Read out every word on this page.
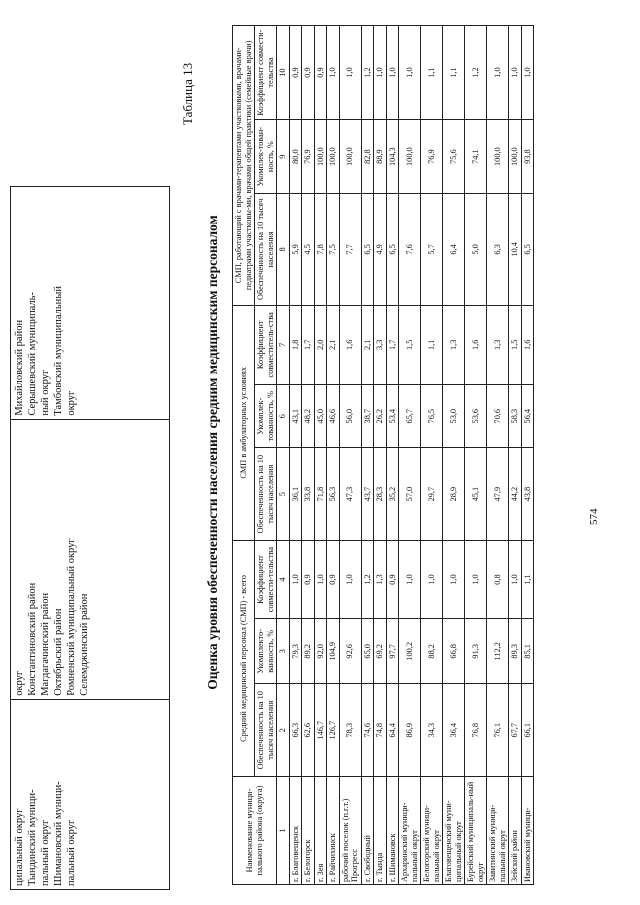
574
ципальный округ Тындинский муници- пальный округ Шимановский муници- пальный округ

округ Константиновский район Магдагачинский район Октябрьский район Ромненский муниципальный округ Селемджинский район

Михайловский район Серышевский муниципаль- ный округ Тамбовский муниципальный округ

Таблица 13
Оценка уровня обеспеченности населения средним медицинским персоналом
Наименование муници-пального района (округа)	Средний медицинский персонал (СМП) - всего			СМП в амбулаторных условиях			СМП, работающий с врачами-терапевтами участковыми, врачами-педиатрами участковы-ми, врачами общей практики (семейные врачи)		
	Обеспеченность на 10 тысяч населения	Укомплекто-ванность, %	Коэффициент совмести-тельства	Обеспеченность на 10 тысяч населения	Укомплек-тованность, %	Коэффициент совместитель-ства	Обеспеченность на 10 тысяч населения	Укомплек-тован-ность, %	Коэффициент совмести-тельства
1	2	3	4	5	6	7	8	9	10
г. Благовещенск	66,3	79,3	1,0	36,1	43,1	1,8	5,9	80,0	0,9
г. Белогорск	62,6	89,2	0,9	33,8	48,2	1,7	4,5	76,9	0,9
г. Зея	146,7	92,0	1,0	71,8	45,0	2,0	7,8	100,0	0,9
г. Райчихинск	126,7	104,9	0,9	56,3	46,6	2,1	7,5	100,0	1,0
рабочий поселок (п.г.т.) Прогресс	78,3	92,6	1,0	47,3	56,0	1,6	7,7	100,0	1,0
г. Свободный	74,6	65,0	1,2	43,7	38,7	2,1	6,5	82,8	1,2
г. Тында	74,8	69,2	1,3	28,3	26,2	3,3	4,9	88,9	1,0
г. Шимановск	64,4	97,7	0,9	35,2	53,4	1,7	6,5	104,3	1,0
Архаринский муници-пальный округ	86,9	100,2	1,0	57,0	65,7	1,5	7,6	100,0	1,0
Белогорский муници-пальный округ	34,3	88,2	1,0	29,7	76,5	1,1	5,7	76,9	1,1
Благовещенский муни-ципальный округ	36,4	66,8	1,0	28,9	53,0	1,3	6,4	75,6	1,1
Бурейский муниципаль-ный округ	76,8	91,3	1,0	45,1	53,6	1,6	5,0	74,1	1,2
Завитинский муници-пальный округ	76,1	112,2	0,8	47,9	70,6	1,3	6,3	100,0	1,0
Зейский район	67,7	89,3	1,0	44,2	58,3	1,5	10,4	100,0	1,0
Ивановский муници-	66,1	85,1	1,1	43,8	56,4	1,6	6,5	93,8	1,0
